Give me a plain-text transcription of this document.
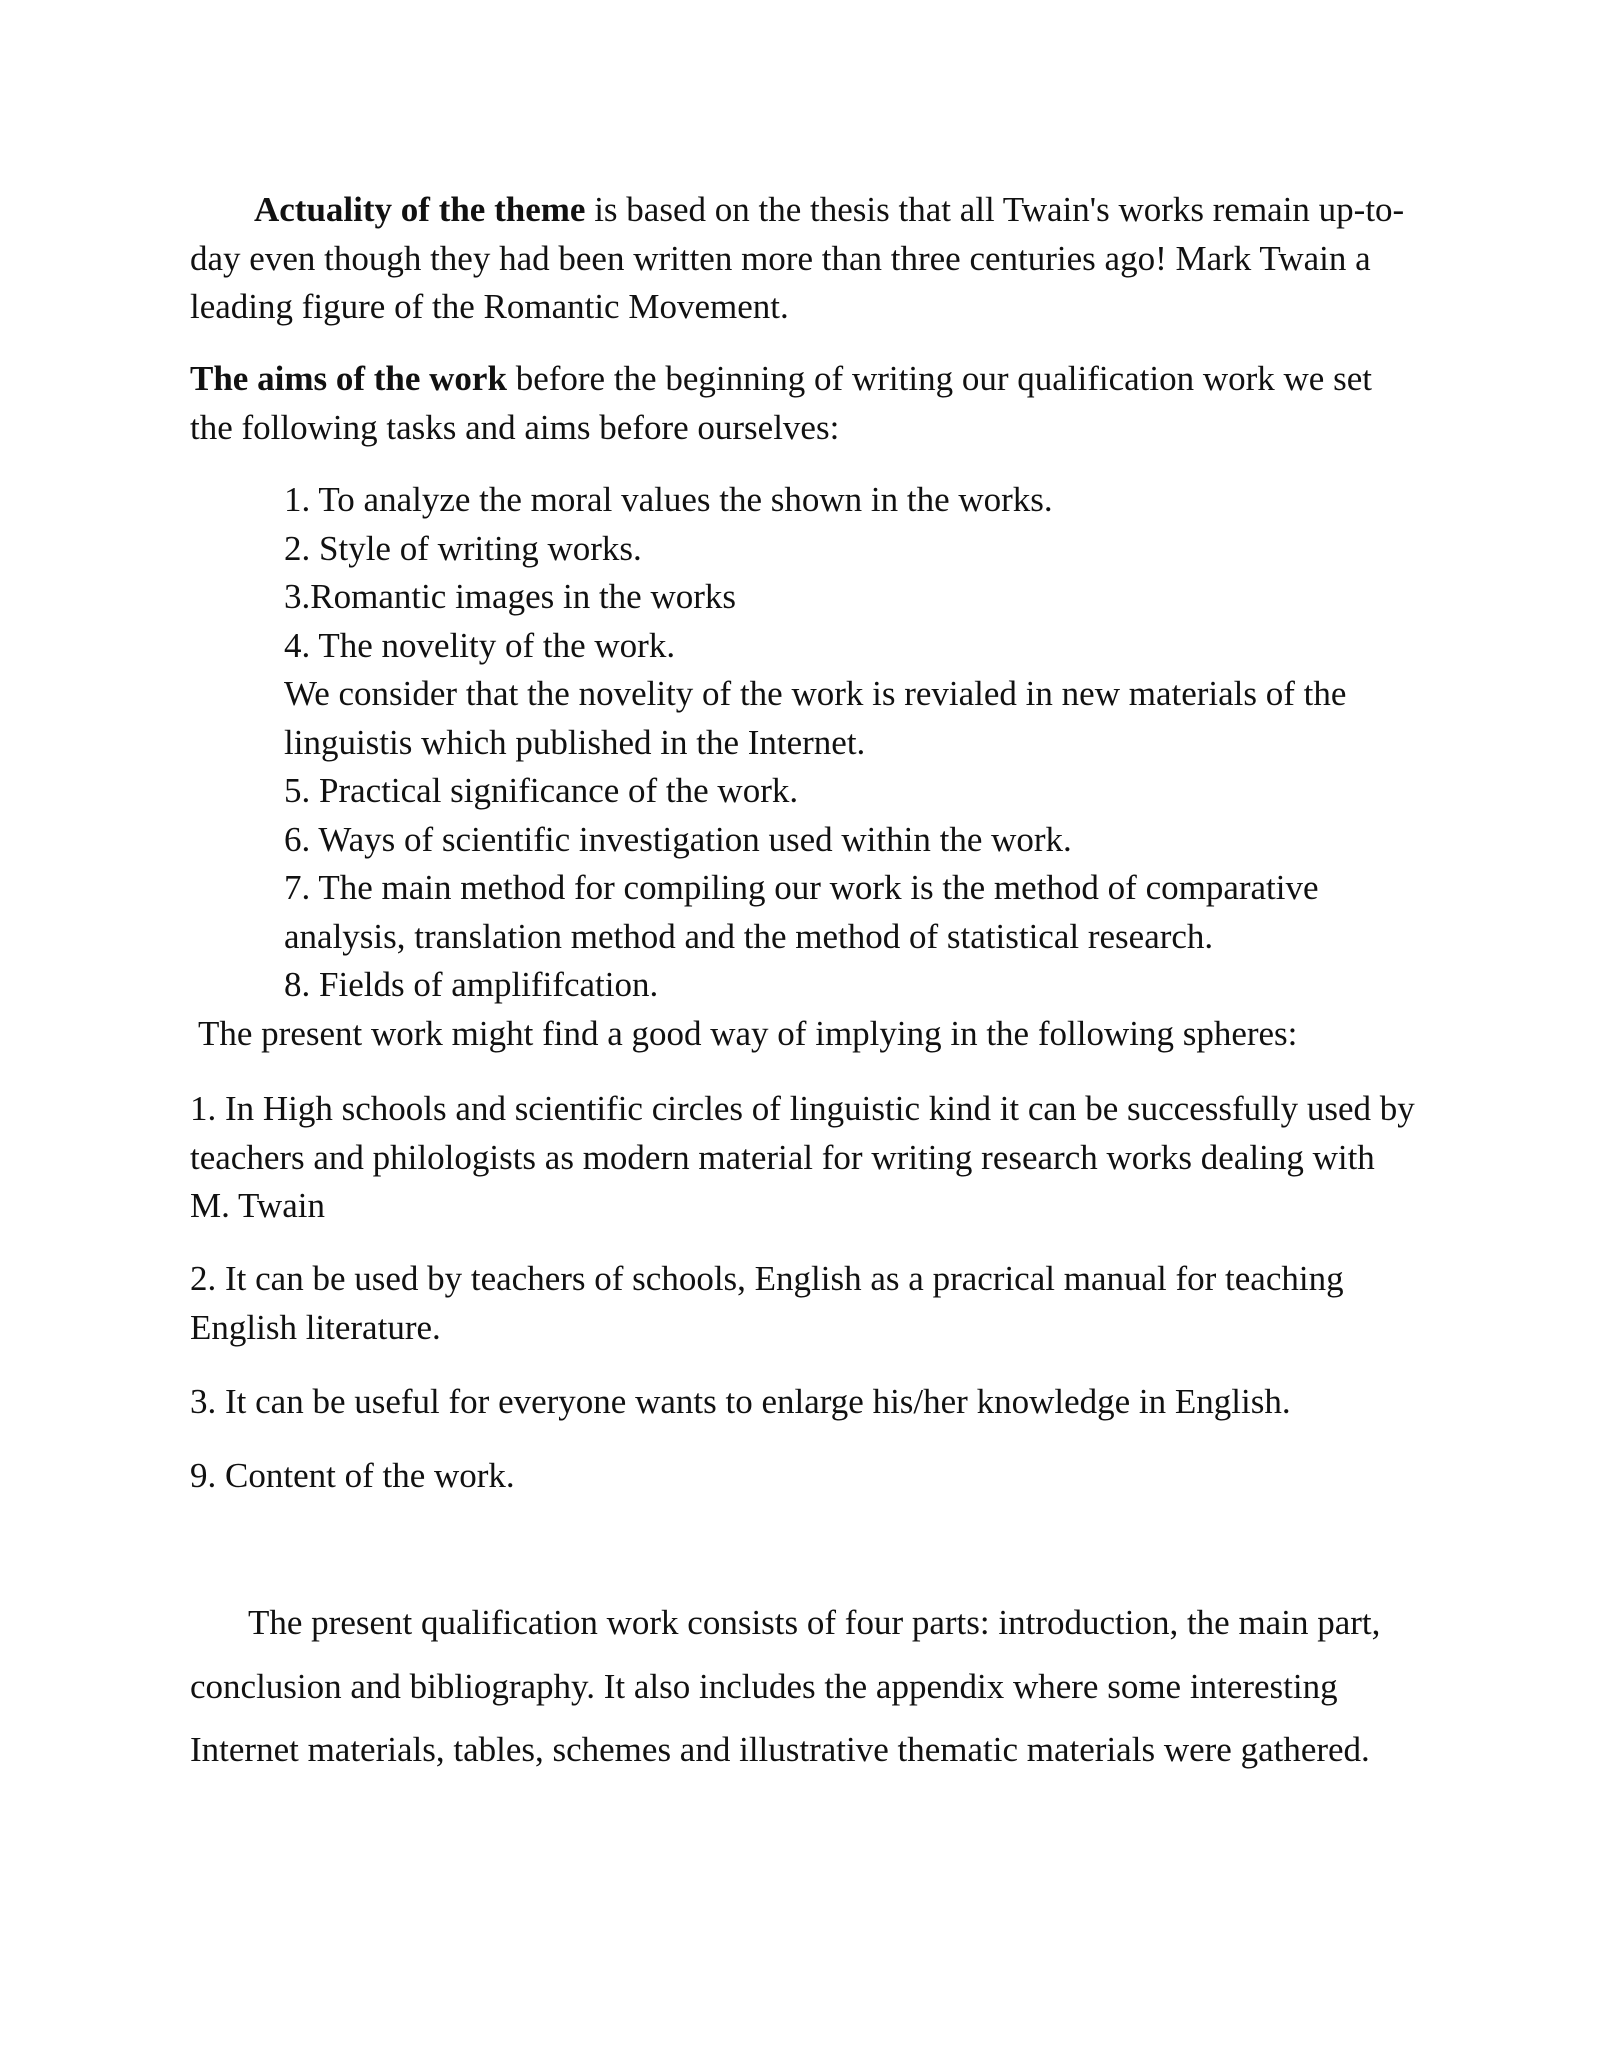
Actuality of the theme is based on the thesis that all Twain's works remain up-to-day even though they had been written more than three centuries ago! Mark Twain a leading figure of the Romantic Movement.

The aims of the work before the beginning of writing our qualification work we set the following tasks and aims before ourselves:

1. To analyze the moral values the shown in the works.
2. Style of writing works.
3.Romantic images in the works
4. The novelity of the work.
We consider that the novelity of the work is revialed in new materials of the linguistis which published in the Internet.
5. Practical significance of the work.
6. Ways of scientific investigation used within the work.
7. The main method for compiling our work is the method of comparative analysis, translation method and the method of statistical research.
8. Fields of amplififcation.

The present work might find a good way of implying in the following spheres:

1. In High schools and scientific circles of linguistic kind it can be successfully used by teachers and philologists as modern material for writing research works dealing with M. Twain

2. It can be used by teachers of schools, English as a pracrical manual for teaching English literature.

3. It can be useful for everyone wants to enlarge his/her knowledge in English.

9. Content of the work.

The present qualification work consists of four parts: introduction, the main part, conclusion and bibliography. It also includes the appendix where some interesting Internet materials, tables, schemes and illustrative thematic materials were gathered.
